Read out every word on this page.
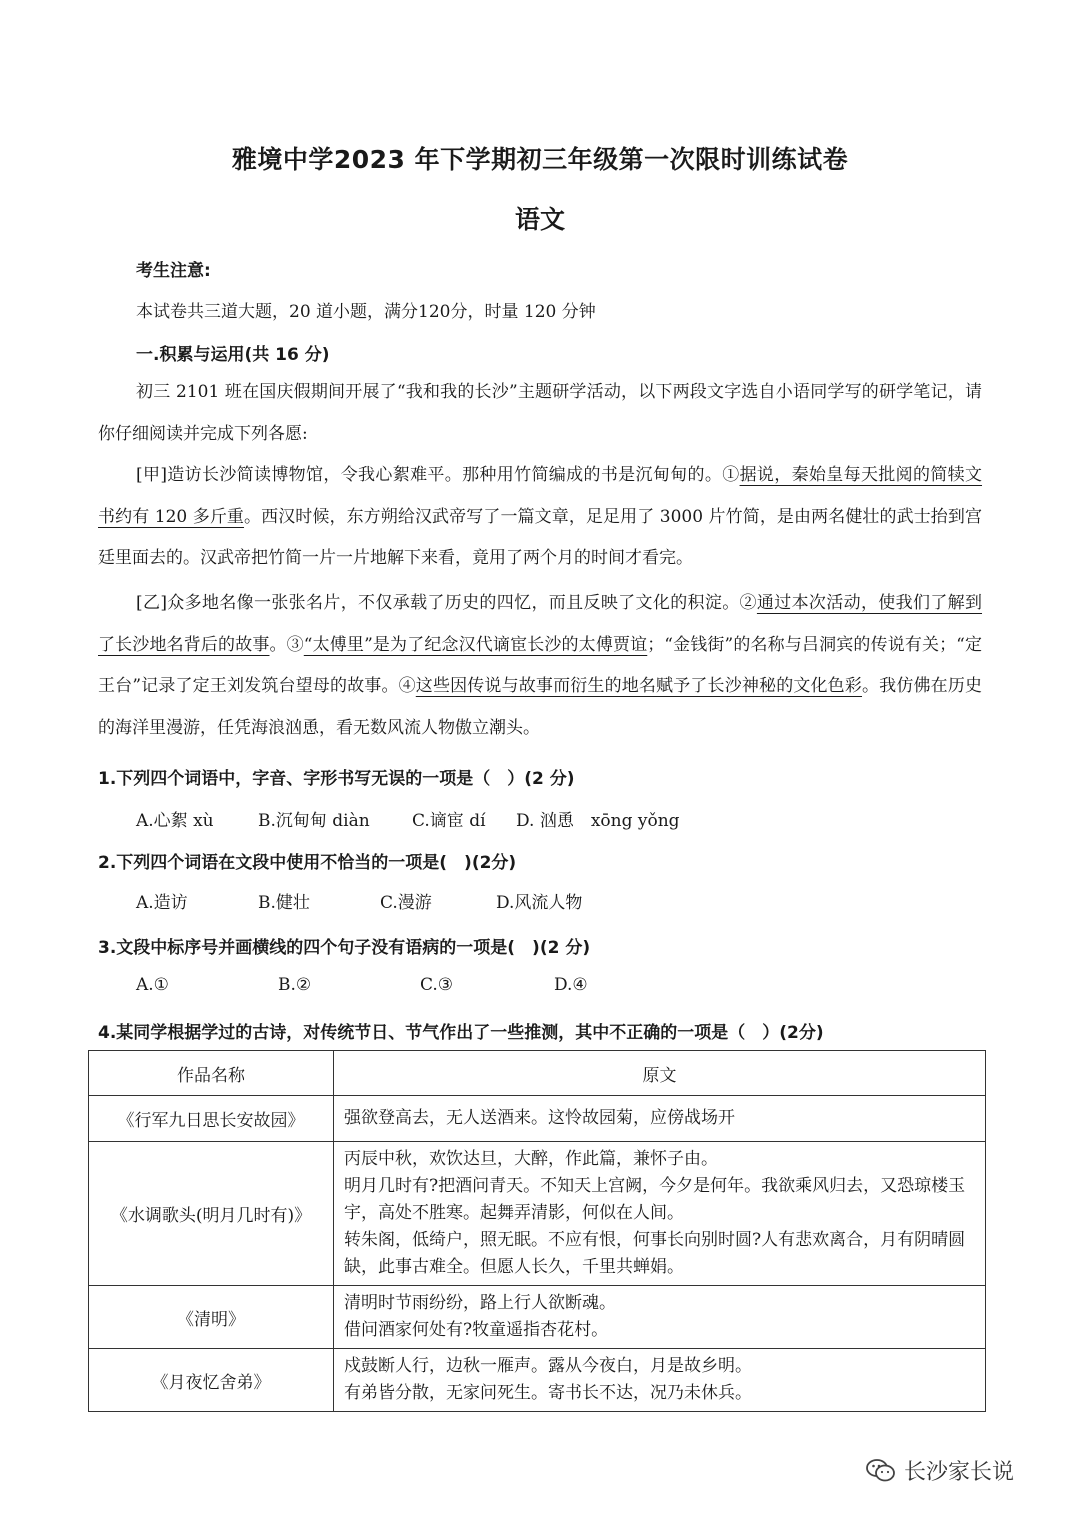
雅境中学2023 年下学期初三年级第一次限时训练试卷
语文
考生注意:
本试卷共三道大题，20 道小题，满分120分，时量 120 分钟
一.积累与运用(共 16 分)
初三 2101 班在国庆假期间开展了“我和我的长沙”主题研学活动，以下两段文字选自小语同学写的研学笔记，请你仔细阅读并完成下列各愿:
[甲]造访长沙简读博物馆，令我心絮难平。那种用竹简编成的书是沉甸甸的。①据说，秦始皇每天批阅的简犊文书约有 120 多斤重。西汉时候，东方朔给汉武帝写了一篇文章，足足用了 3000 片竹简，是由两名健壮的武士抬到宫廷里面去的。汉武帝把竹简一片一片地解下来看，竟用了两个月的时间才看完。
[乙]众多地名像一张张名片，不仅承载了历史的四忆，而且反映了文化的积淀。②通过本次活动，使我们了解到了长沙地名背后的故事。③“太傅里”是为了纪念汉代谪宦长沙的太傅贾谊；“金钱街”的名称与吕洞宾的传说有关；“定王台”记录了定王刘发筑台望母的故事。④这些因传说与故事而衍生的地名赋予了长沙神秘的文化色彩。我仿佛在历史的海洋里漫游，任凭海浪汹恿，看无数风流人物傲立潮头。
1.下列四个词语中，字音、字形书写无误的一项是（　）(2 分)
A.心絮 xù	B.沉甸甸 diàn C.谪宦 dí D. 汹恿　xōng yǒng
2.下列四个词语在文段中使用不恰当的一项是(　)(2分)
A.造访	B.健壮	C.漫游	D.风流人物
3.文段中标序号并画横线的四个句子没有语病的一项是(　)(2 分)
A.①	B.②	C.③	D.④
4.某同学根据学过的古诗，对传统节日、节气作出了一些推测，其中不正确的一项是（　）(2分)
作品名称	原文
《行军九日思长安故园》	强欲登高去，无人送酒来。这怜故园菊，应傍战场开

《水调歌头(明月几时有)》	丙辰中秋，欢饮达旦，大醉，作此篇，兼怀子由。
明月几时有?把酒问青天。不知天上宫阙，今夕是何年。我欲乘风归去，又恐琼楼玉宇，高处不胜寒。起舞弄清影，何似在人间。
转朱阁，低绮户，照无眠。不应有恨，何事长向别时圆?人有悲欢离合，月有阴晴圆缺，此事古难全。但愿人长久，千里共蝉娟。

《清明》	清明时节雨纷纷，路上行人欲断魂。
借问酒家何处有?牧童遥指杏花村。

《月夜忆舍弟》	戍鼓断人行，边秋一雁声。露从今夜白，月是故乡明。
有弟皆分散，无家问死生。寄书长不达，况乃未休兵。
长沙家长说
